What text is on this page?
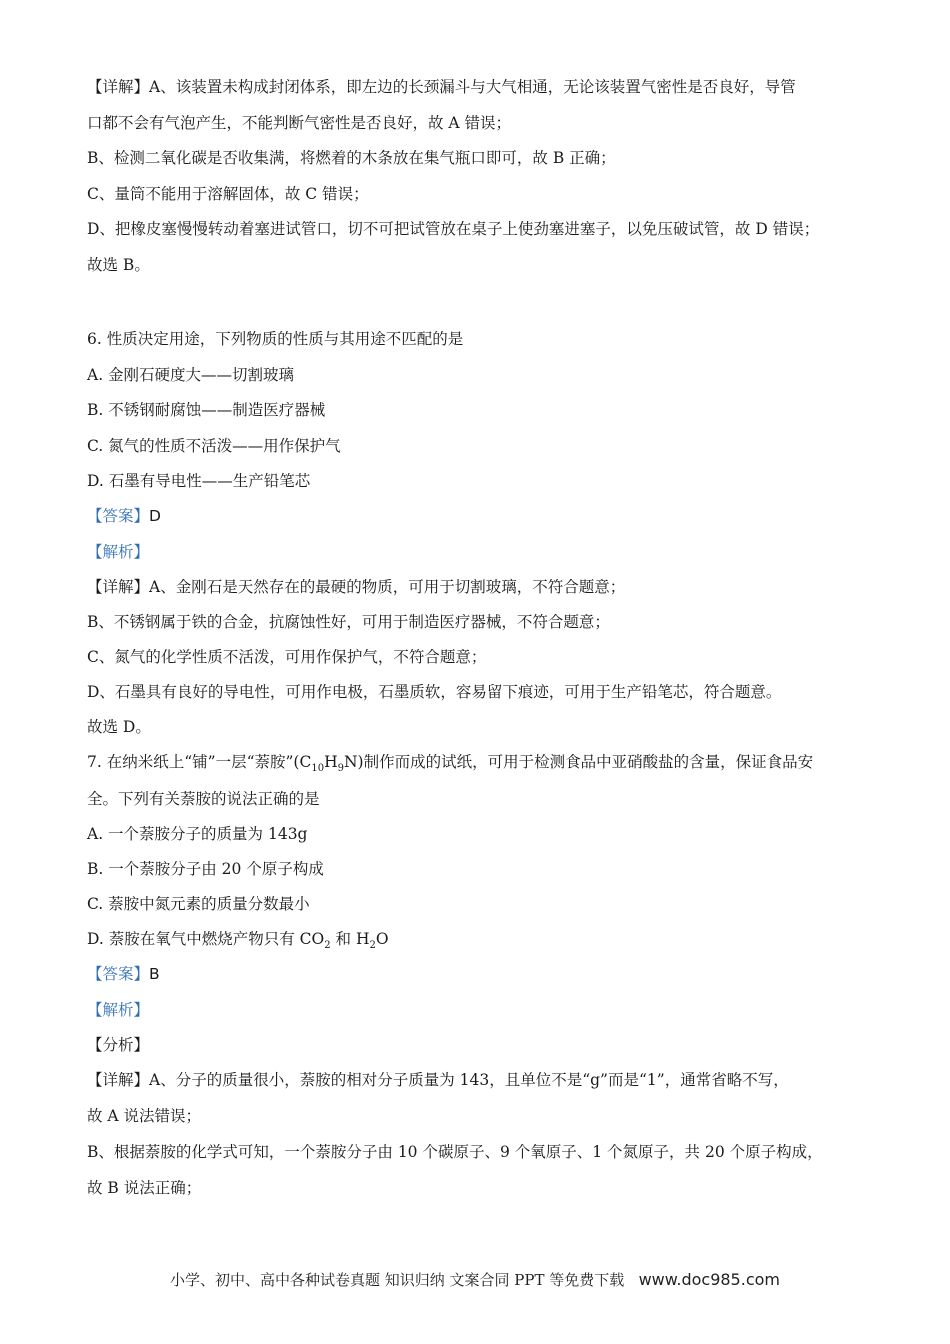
【详解】A、该装置未构成封闭体系，即左边的长颈漏斗与大气相通，无论该装置气密性是否良好，导管
口都不会有气泡产生，不能判断气密性是否良好，故 A 错误；
B、检测二氧化碳是否收集满，将燃着的木条放在集气瓶口即可，故 B 正确；
C、量筒不能用于溶解固体，故 C 错误；
D、把橡皮塞慢慢转动着塞进试管口，切不可把试管放在桌子上使劲塞进塞子，以免压破试管，故 D 错误；
故选 B。
6. 性质决定用途，下列物质的性质与其用途不匹配的是
A. 金刚石硬度大——切割玻璃
B. 不锈钢耐腐蚀——制造医疗器械
C. 氮气的性质不活泼——用作保护气
D. 石墨有导电性——生产铅笔芯
【答案】D
【解析】
【详解】A、金刚石是天然存在的最硬的物质，可用于切割玻璃，不符合题意；
B、不锈钢属于铁的合金，抗腐蚀性好，可用于制造医疗器械，不符合题意；
C、氮气的化学性质不活泼，可用作保护气，不符合题意；
D、石墨具有良好的导电性，可用作电极，石墨质软，容易留下痕迹，可用于生产铅笔芯，符合题意。
故选 D。
7. 在纳米纸上“铺”一层“萘胺$”(C_{10}H_9N)$制作而成的试纸，可用于检测食品中亚硝酸盐的含量，保证食品安
全。下列有关萘胺的说法正确的是
A. 一个萘胺分子的质量为 143g
B. 一个萘胺分子由 20 个原子构成
C. 萘胺中氮元素的质量分数最小
D. 萘胺在氧气中燃烧产物只有 $CO_2$ 和 $H_2O$
【答案】B
【解析】
【分析】
【详解】A、分子的质量很小，萘胺的相对分子质量为 143，且单位不是“g”而是“1”，通常省略不写，
故 A 说法错误；
B、根据萘胺的化学式可知，一个萘胺分子由 10 个碳原子、9 个氧原子、1 个氮原子，共 20 个原子构成，
故 B 说法正确；
小学、初中、高中各种试卷真题 知识归纳 文案合同 PPT 等免费下载 www.doc985.com
